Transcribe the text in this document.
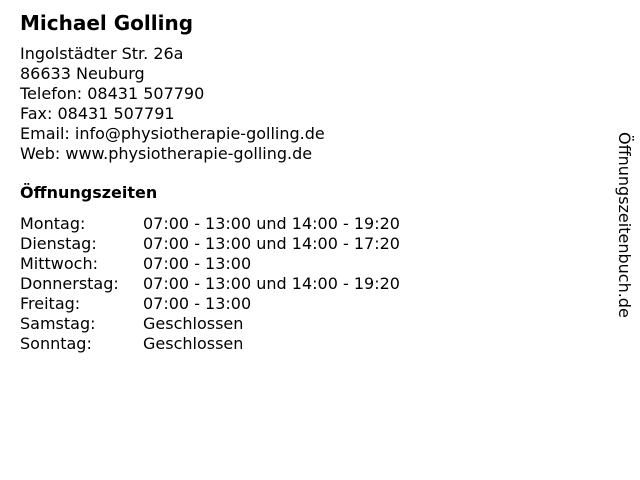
Michael Golling
Ingolstädter Str. 26a
86633 Neuburg
Telefon: 08431 507790
Fax: 08431 507791
Email: info@physiotherapie-golling.de
Web: www.physiotherapie-golling.de
Öffnungszeiten
Montag:	07:00 - 13:00 und 14:00 - 19:20
Dienstag:	07:00 - 13:00 und 14:00 - 17:20
Mittwoch:	07:00 - 13:00
Donnerstag: 07:00 - 13:00 und 14:00 - 19:20
Freitag:	07:00 - 13:00
Samstag:	Geschlossen
Sonntag:	Geschlossen
Öffnungszeitenbuch.de
